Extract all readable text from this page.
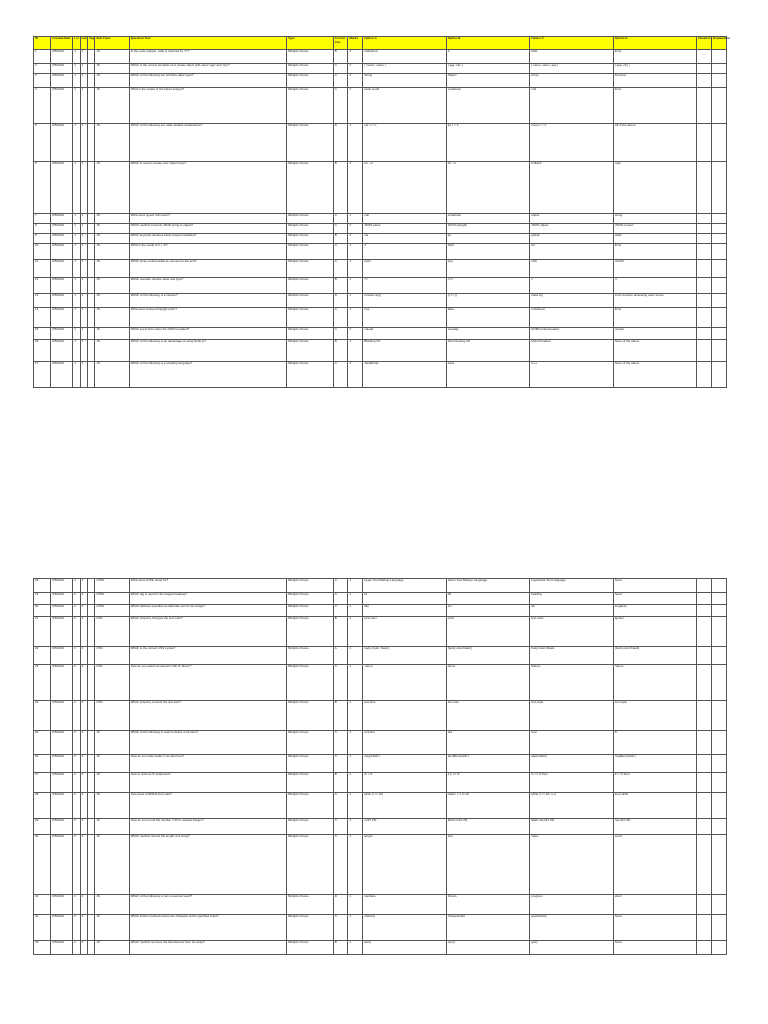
ID	Created Date	Lvl	Cat	Tag	Sub Topic	Question Text	Type	Correct Ans	Marks	Option A	Option B	Option C	Option D	Duration	Explanation
1	6/5/2019	1	1		JS	In the code snippet, what is returned by "x"?	Multiple Choice	B	1	undefined	3	NaN	Error		
2	6/5/2019	1	1		JS	Which is the correct template of to create object with name 'age' and 'city'?	Multiple Choice	C	1	{ 'name': name }	{ age, city }	{ name: name, age }	{ age: city }		
3	6/5/2019	1	1		JS	Which of the following are primitive data types?	Multiple Choice	A	1	String	Object	Array	Function		
4	6/5/2019	1	1		JS	What is the output of the below snippet?	Multiple Choice	A	1	Hello world	undefined	null	Error		
5	6/5/2019	1	1		JS	Which of the following are valid variable declarations?	Multiple Choice	D	1	var x = 1;	let x = 1;	const x = 1;	All of the above		
6	6/5/2019	1	1		JS	Which is used to iterate over object keys?	Multiple Choice	B	1	for...of	for...in	forEach	map		
7	6/5/2019	1	1		JS	What does typeof null return?	Multiple Choice	C	1	null	undefined	object	string		
8	6/5/2019	1	1		JS	Which method converts JSON string to object?	Multiple Choice	A	1	JSON.parse	JSON.stringify	JSON.object	JSON.convert		
9	6/5/2019	1	1		JS	Which keyword declares block scoped variables?	Multiple Choice	B	1	var	let	global	static		
10	6/5/2019	1	1		JS	What is the result of 2 + '2'?	Multiple Choice	C	1	4	NaN	22	Error		
11	6/5/2019	1	1		JS	Which array method adds an element to the end?	Multiple Choice	A	1	push	pop	shift	unshift		
12	6/5/2019	1	1		JS	Which operator checks value and type?	Multiple Choice	B	1	==	===	=	!=		
13	6/5/2019	1	1		JS	Which of the following is a closure?	Multiple Choice	D	1	function a(){}	() => {}	class A{}	Inner function accessing outer scope		
14	6/5/2019	1	1		JS	What does Array.isArray([]) return?	Multiple Choice	A	1	true	false	undefined	Error		
15	6/5/2019	1	1		JS	Which event fires when the DOM is loaded?	Multiple Choice	C	1	onload	onready	DOMContentLoaded	onstart		
16	6/5/2019	1	1		JS	Which of the following is an advantage of using Node.js?	Multiple Choice	B	1	Blocking I/O	Non-blocking I/O	Multi-threaded	None of the above		
17	6/5/2019	1	1		JS	Which of the following is a scripting language?	Multiple Choice	A	1	JavaScript	Java	C++	None of the above		
18	6/5/2019	2	1		HTML	What does HTML stand for?	Multiple Choice	A	1	Hyper Text Markup Language	Home Tool Markup Language	Hyperlinks Text Language	None		
19	6/5/2019	2	1		HTML	Which tag is used for the largest heading?	Multiple Choice	A	1	h1	h6	heading	head		
20	6/5/2019	2	1		HTML	Which attribute specifies an alternate text for an image?	Multiple Choice	C	1	title	src	alt	longdesc		
21	6/5/2019	2	1		CSS	Which property changes the text color?	Multiple Choice	B	1	font-color	color	text-color	fgcolor		
22	6/5/2019	2	1		CSS	Which is the correct CSS syntax?	Multiple Choice	A	1	body {color: black;}	{body;color:black;}	body:color=black;	{body:color=black}		
23	6/5/2019	2	1		CSS	How do you select an element with id 'demo'?	Multiple Choice	C	1	.demo	demo	#demo	*demo		
24	6/5/2019	2	1		CSS	Which property controls the text size?	Multiple Choice	B	1	text-size	font-size	text-style	font-style		
25	6/5/2019	2	1		JS	Which of the following is used to define a function?	Multiple Choice	A	1	function	def	func	fn		
26	6/5/2019	2	1		JS	How do you write 'Hello' in an alert box?	Multiple Choice	C	1	msg('Hello')	alertBox('Hello')	alert('Hello')	msgBox('Hello')		
27	6/5/2019	2	1		JS	How to write an IF statement?	Multiple Choice	B	1	if i = 5	if (i == 5)	if i == 5 then	if i = 5 then		
28	6/5/2019	2	1		JS	How does a WHILE loop start?	Multiple Choice	A	1	while (i <= 10)	while i = 1 to 10	while (i <= 10; i++)	loop while		
29	6/5/2019	2	1		JS	How do you round the number 7.25 to nearest integer?	Multiple Choice	C	1	rnd(7.25)	Math.rnd(7.25)	Math.round(7.25)	round(7.25)		
30	6/5/2019	2	1		JS	Which method returns the length of a string?	Multiple Choice	A	1	length	size	index	count		
31	6/5/2019	2	1		JS	Which of the following is not a reserved word?	Multiple Choice	D	1	interface	throws	program	short		
32	6/5/2019	2	1		JS	Which built-in method returns the character at the specified index?	Multiple Choice	A	1	charAt()	characterAt()	getCharAt()	None		
33	6/5/2019	2	1		JS	Which method removes the last element from an array?	Multiple Choice	B	1	last()	pop()	get()	None		
